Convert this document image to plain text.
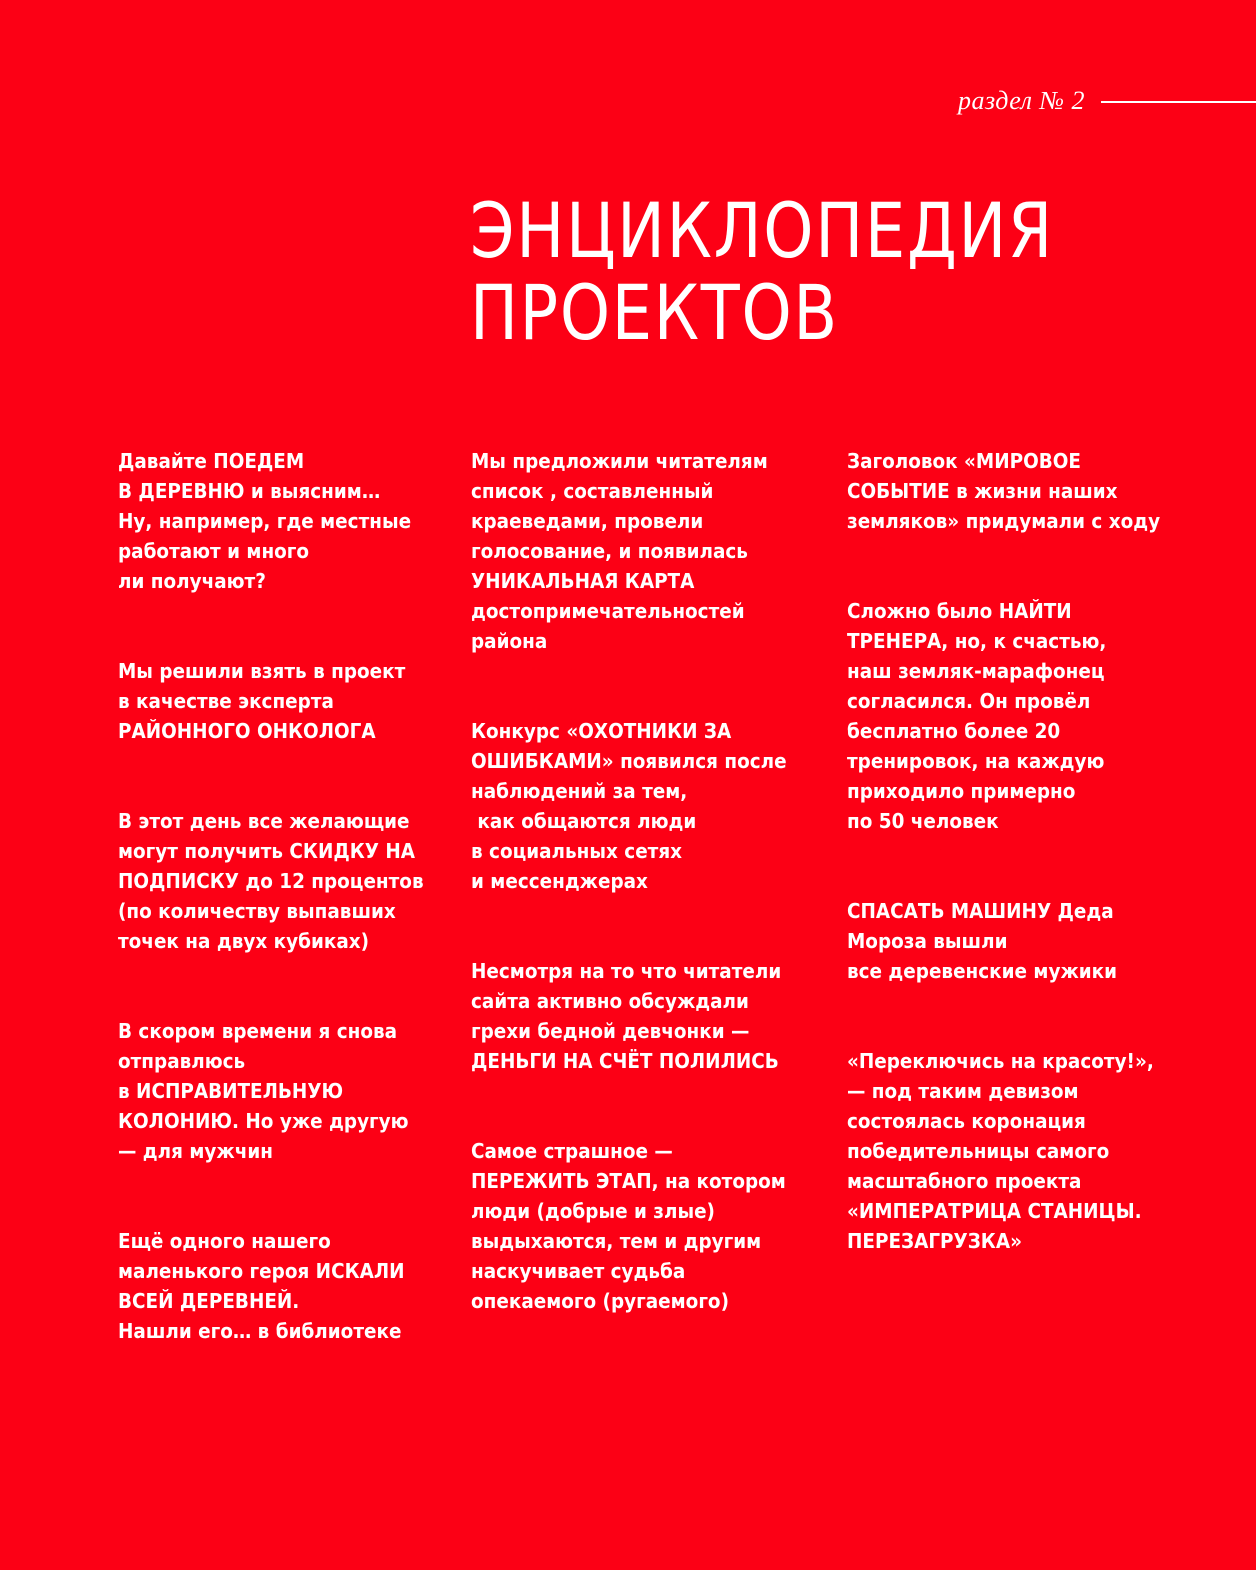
раздел № 2
ЭНЦИКЛОПЕДИЯ
ПРОЕКТОВ

Давайте ПОЕДЕМ
В ДЕРЕВНЮ и выясним…
Ну, например, где местные
работают и много
ли получают?

Мы решили взять в проект
в качестве эксперта
РАЙОННОГО ОНКОЛОГА

В этот день все желающие
могут получить СКИДКУ НА
ПОДПИСКУ до 12 процентов
(по количеству выпавших
точек на двух кубиках)

В скором времени я снова
отправлюсь
в ИСПРАВИТЕЛЬНУЮ
КОЛОНИЮ. Но уже другую
— для мужчин

Ещё одного нашего
маленького героя ИСКАЛИ
ВСЕЙ ДЕРЕВНЕЙ.
Нашли его… в библиотеке

Мы предложили читателям
список , составленный
краеведами, провели
голосование, и появилась
УНИКАЛЬНАЯ КАРТА
достопримечательностей
района

Конкурс «ОХОТНИКИ ЗА
ОШИБКАМИ» появился после
наблюдений за тем,
как общаются люди
в социальных сетях
и мессенджерах

Несмотря на то что читатели
сайта активно обсуждали
грехи бедной девчонки —
ДЕНЬГИ НА СЧЁТ ПОЛИЛИСЬ

Самое страшное —
ПЕРЕЖИТЬ ЭТАП, на котором
люди (добрые и злые)
выдыхаются, тем и другим
наскучивает судьба
опекаемого (ругаемого)

Заголовок «МИРОВОЕ
СОБЫТИЕ в жизни наших
земляков» придумали с ходу

Сложно было НАЙТИ
ТРЕНЕРА, но, к счастью,
наш земляк-марафонец
согласился. Он провёл
бесплатно более 20
тренировок, на каждую
приходило примерно
по 50 человек

СПАСАТЬ МАШИНУ Деда
Мороза вышли
все деревенские мужики

«Переключись на красоту!»,
— под таким девизом
состоялась коронация
победительницы самого
масштабного проекта
«ИМПЕРАТРИЦА СТАНИЦЫ.
ПЕРЕЗАГРУЗКА»
